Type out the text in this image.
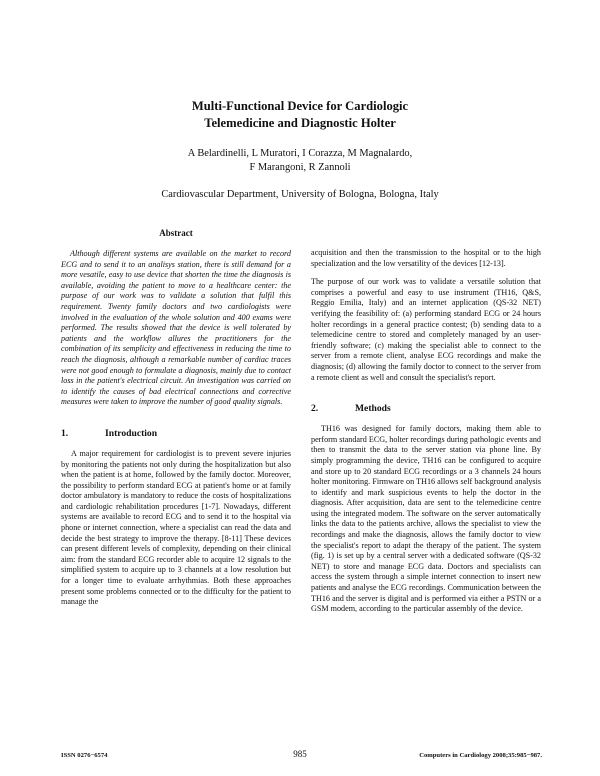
Multi-Functional Device for Cardiologic
Telemedicine and Diagnostic Holter
A Belardinelli, L Muratori, I Corazza, M Magnalardo,
F Marangoni, R Zannoli
Cardiovascular Department, University of Bologna, Bologna, Italy
Abstract

Although different systems are available on the market to record ECG and to send it to an analisys station, there is still demand for a more vesatile, easy to use device that shorten the time the diagnosis is available, avoiding the patient to move to a healthcare center: the purpose of our work was to validate a solution that fulfil this requirement. Twenty family doctors and two cardiologists were involved in the evaluation of the whole solution and 400 exams were performed. The results showed that the device is well tolerated by patients and the workflow allures the practitioners for the combination of its semplicity and effectiveness in reducing the time to reach the diagnosis, although a remarkable number of cardiac traces were not good enough to formulate a diagnosis, mainly due to contact loss in the patient's electrical circuit. An investigation was carried on to identify the causes of bad electrical connections and corrective measures were taken to improve the number of good quality signals.

1.	Introduction

A major requirement for cardiologist is to prevent severe injuries by monitoring the patients not only during the hospitalization but also when the patient is at home, followed by the family doctor. Moreover, the possibility to perform standard ECG at patient's home or at family doctor ambulatory is mandatory to reduce the costs of hospitalizations and cardiologic rehabilitation procedures [1-7]. Nowadays, different systems are available to record ECG and to send it to the hospital via phone or internet connection, where a specialist can read the data and decide the best strategy to improve the therapy. [8-11] These devices can present different levels of complexity, depending on their clinical aim: from the standard ECG recorder able to acquire 12 signals to the simplified system to acquire up to 3 channels at a low resolution but for a longer time to evaluate arrhythmias. Both these approaches present some problems connected or to the difficulty for the patient to manage the

acquisition and then the transmission to the hospital or to the high specialization and the low versatility of the devices [12-13].

The purpose of our work was to validate a versatile solution that comprises a powerful and easy to use instrument (TH16, Q&S, Reggio Emilia, Italy) and an internet application (QS-32 NET) verifying the feasibility of: (a) performing standard ECG or 24 hours holter recordings in a general practice contest; (b) sending data to a telemedicine centre to stored and completely managed by an user-friendly software; (c) making the specialist able to connect to the server from a remote client, analyse ECG recordings and make the diagnosis; (d) allowing the family doctor to connect to the server from a remote client as well and consult the specialist's report.

2.	Methods

TH16 was designed for family doctors, making them able to perform standard ECG, holter recordings during pathologic events and then to transmit the data to the server station via phone line. By simply programming the device, TH16 can be configured to acquire and store up to 20 standard ECG recordings or a 3 channels 24 hours holter monitoring. Firmware on TH16 allows self background analysis to identify and mark suspicious events to help the doctor in the diagnosis. After acquisition, data are sent to the telemedicine centre using the integrated modem. The software on the server automatically links the data to the patients archive, allows the specialist to view the recordings and make the diagnosis, allows the family doctor to view the specialist's report to adapt the therapy of the patient. The system (fig. 1) is set up by a central server with a dedicated software (QS-32 NET) to store and manage ECG data. Doctors and specialists can access the system through a simple internet connection to insert new patients and analyse the ECG recordings. Communication between the TH16 and the server is digital and is performed via either a PSTN or a GSM modem, according to the particular assembly of the device.

ISSN 0276−6574	985	Computers in Cardiology 2008;35:985−987.
